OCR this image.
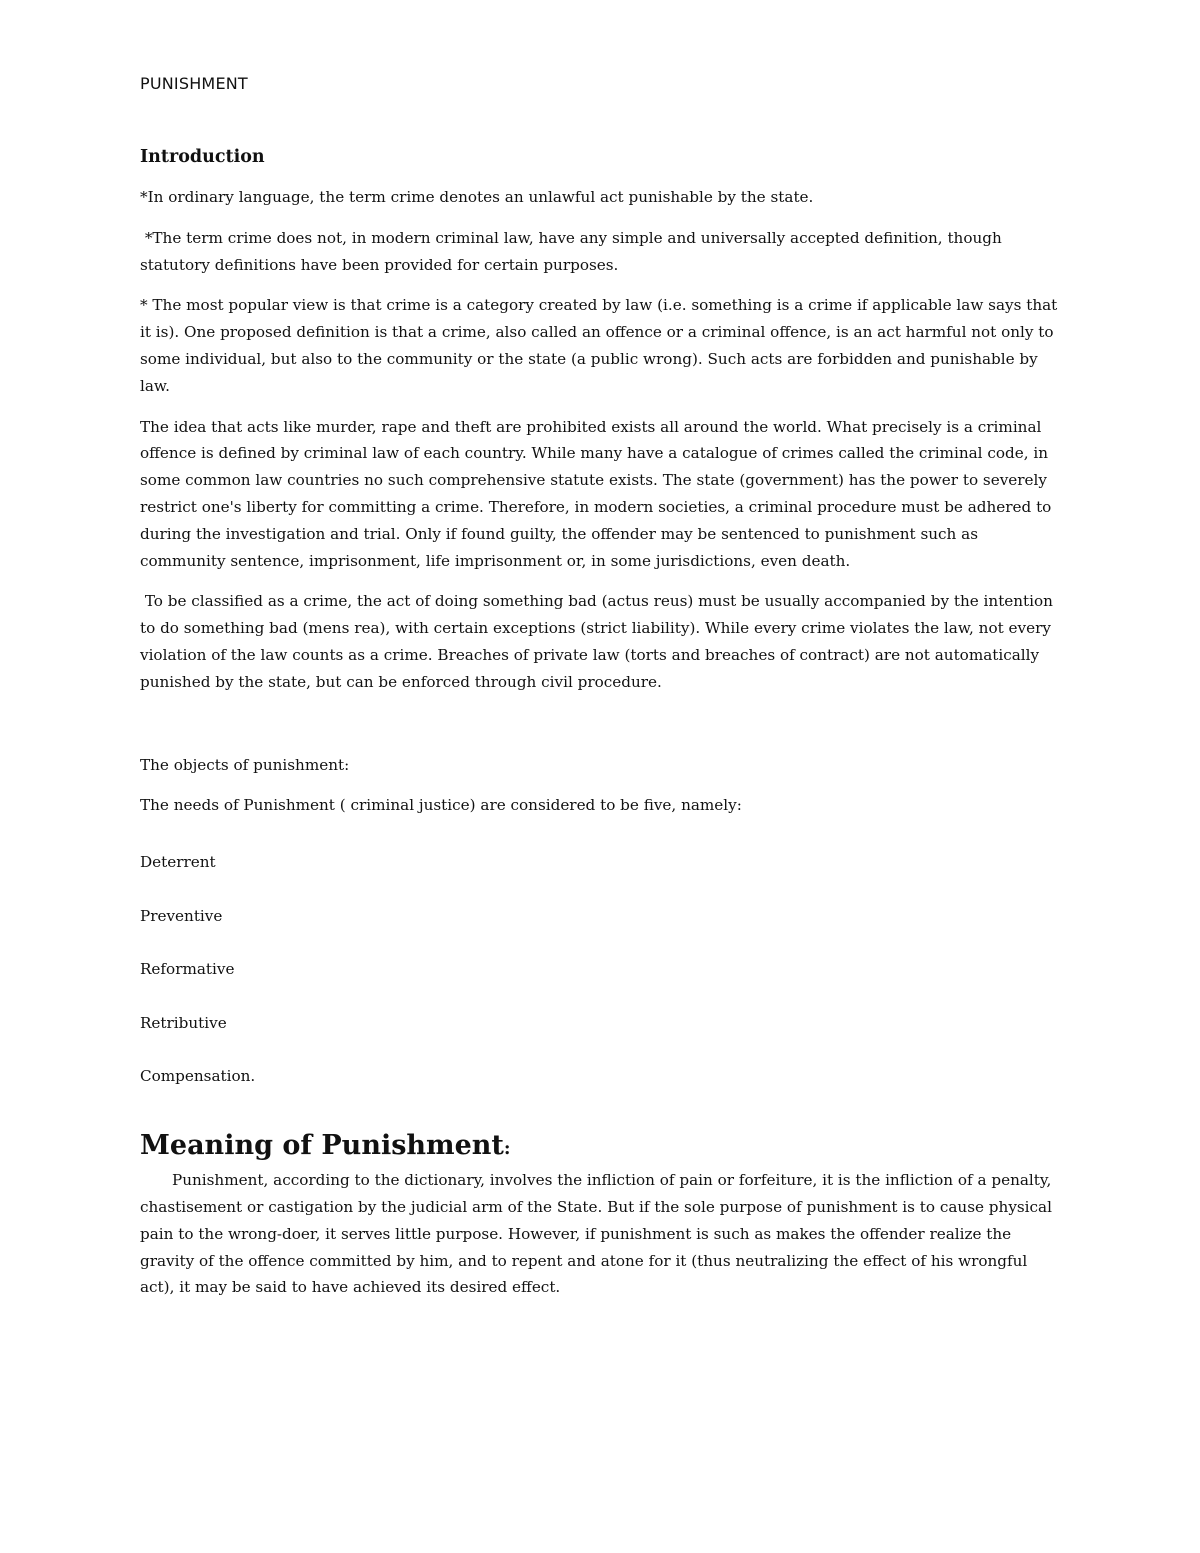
PUNISHMENT
Introduction

*In ordinary language, the term crime denotes an unlawful act punishable by the state.

*The term crime does not, in modern criminal law, have any simple and universally accepted definition, though statutory definitions have been provided for certain purposes.

* The most popular view is that crime is a category created by law (i.e. something is a crime if applicable law says that it is). One proposed definition is that a crime, also called an offence or a criminal offence, is an act harmful not only to some individual, but also to the community or the state (a public wrong). Such acts are forbidden and punishable by law.

The idea that acts like murder, rape and theft are prohibited exists all around the world. What precisely is a criminal offence is defined by criminal law of each country. While many have a catalogue of crimes called the criminal code, in some common law countries no such comprehensive statute exists. The state (government) has the power to severely restrict one's liberty for committing a crime. Therefore, in modern societies, a criminal procedure must be adhered to during the investigation and trial. Only if found guilty, the offender may be sentenced to punishment such as community sentence, imprisonment, life imprisonment or, in some jurisdictions, even death.

To be classified as a crime, the act of doing something bad (actus reus) must be usually accompanied by the intention to do something bad (mens rea), with certain exceptions (strict liability). While every crime violates the law, not every violation of the law counts as a crime. Breaches of private law (torts and breaches of contract) are not automatically punished by the state, but can be enforced through civil procedure.

The objects of punishment:

The needs of Punishment ( criminal justice) are considered to be five, namely:

Deterrent
Preventive
Reformative
Retributive
Compensation.
Meaning of Punishment:

Punishment, according to the dictionary, involves the infliction of pain or forfeiture, it is the infliction of a penalty, chastisement or castigation by the judicial arm of the State. But if the sole purpose of punishment is to cause physical pain to the wrong-doer, it serves little purpose. However, if punishment is such as makes the offender realize the gravity of the offence committed by him, and to repent and atone for it (thus neutralizing the effect of his wrongful act), it may be said to have achieved its desired effect.
